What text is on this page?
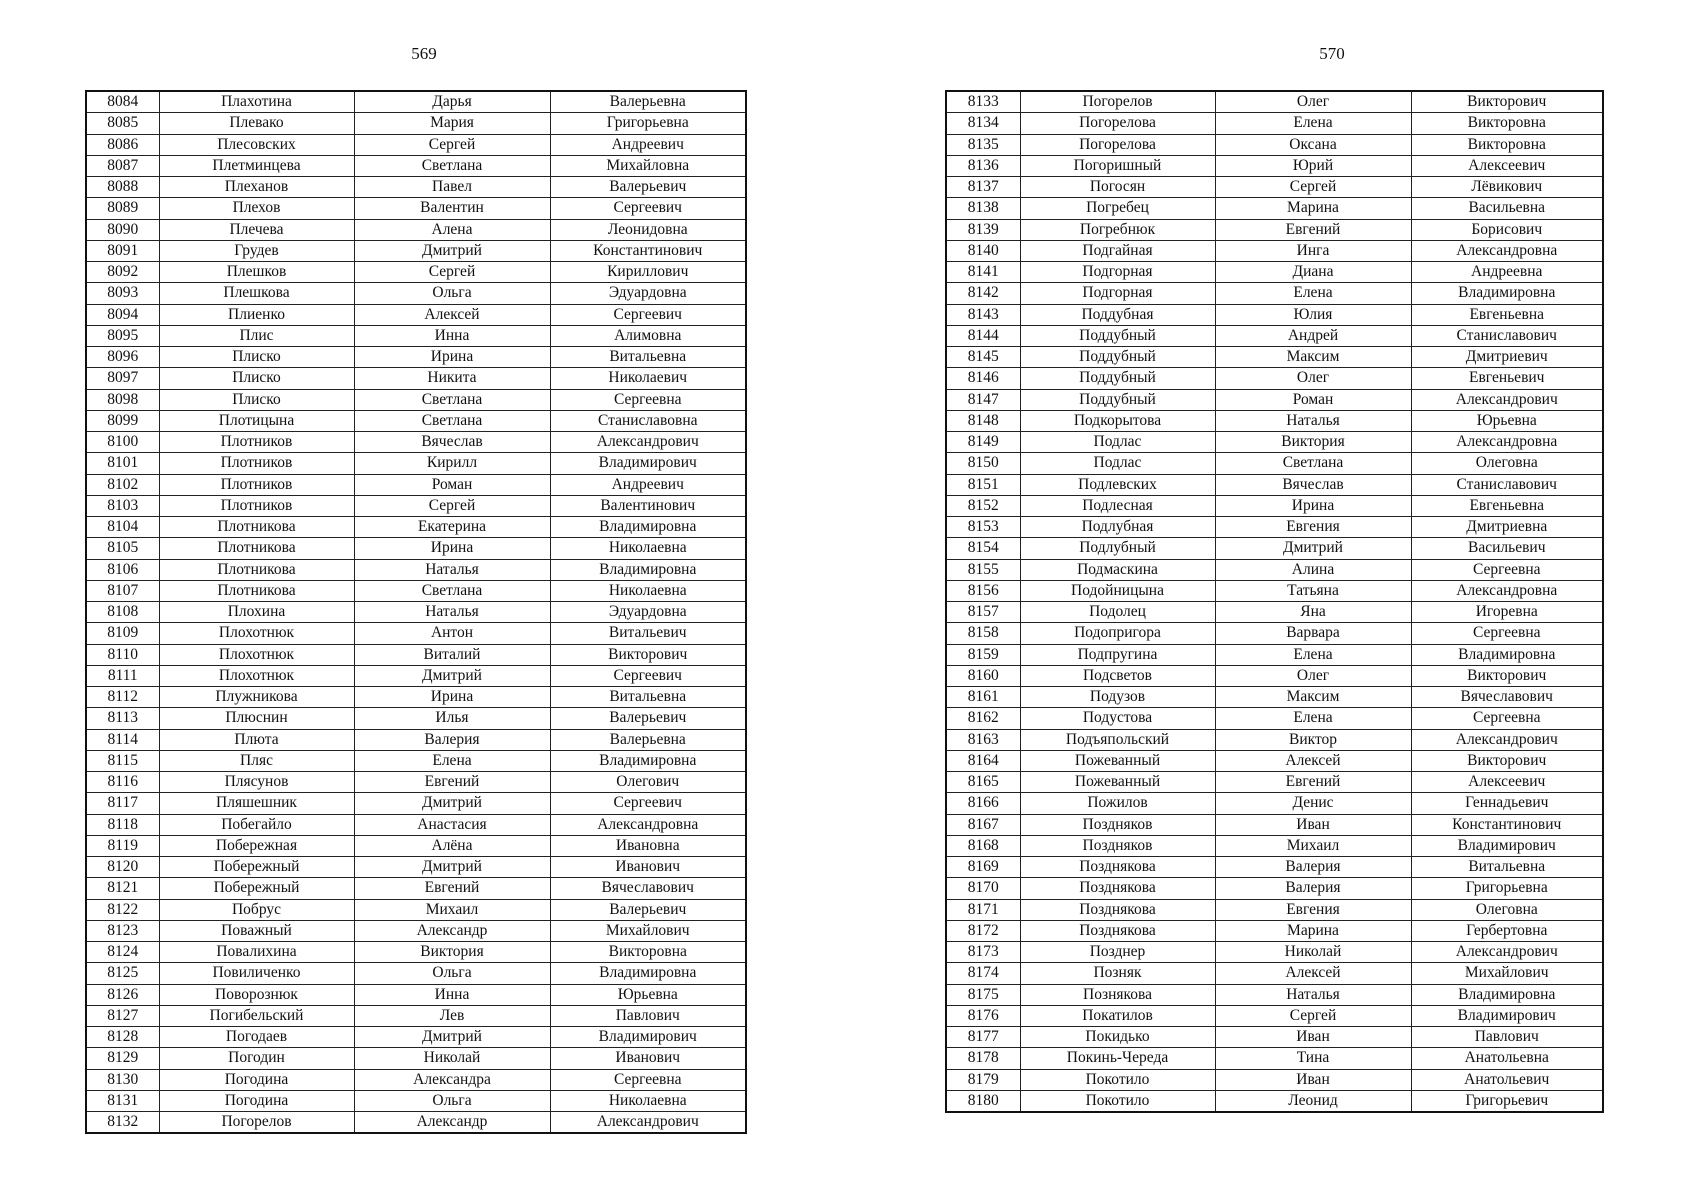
569
8084	Плахотина	Дарья	Валерьевна
8085	Плевако	Мария	Григорьевна
8086	Плесовских	Сергей	Андреевич
8087	Плетминцева	Светлана	Михайловна
8088	Плеханов	Павел	Валерьевич
8089	Плехов	Валентин	Сергеевич
8090	Плечева	Алена	Леонидовна
8091	Грудев	Дмитрий	Константинович
8092	Плешков	Сергей	Кириллович
8093	Плешкова	Ольга	Эдуардовна
8094	Плиенко	Алексей	Сергеевич
8095	Плис	Инна	Алимовна
8096	Плиско	Ирина	Витальевна
8097	Плиско	Никита	Николаевич
8098	Плиско	Светлана	Сергеевна
8099	Плотицына	Светлана	Станиславовна
8100	Плотников	Вячеслав	Александрович
8101	Плотников	Кирилл	Владимирович
8102	Плотников	Роман	Андреевич
8103	Плотников	Сергей	Валентинович
8104	Плотникова	Екатерина	Владимировна
8105	Плотникова	Ирина	Николаевна
8106	Плотникова	Наталья	Владимировна
8107	Плотникова	Светлана	Николаевна
8108	Плохина	Наталья	Эдуардовна
8109	Плохотнюк	Антон	Витальевич
8110	Плохотнюк	Виталий	Викторович
8111	Плохотнюк	Дмитрий	Сергеевич
8112	Плужникова	Ирина	Витальевна
8113	Плюснин	Илья	Валерьевич
8114	Плюта	Валерия	Валерьевна
8115	Пляс	Елена	Владимировна
8116	Плясунов	Евгений	Олегович
8117	Пляшешник	Дмитрий	Сергеевич
8118	Побегайло	Анастасия	Александровна
8119	Побережная	Алёна	Ивановна
8120	Побережный	Дмитрий	Иванович
8121	Побережный	Евгений	Вячеславович
8122	Побрус	Михаил	Валерьевич
8123	Поважный	Александр	Михайлович
8124	Повалихина	Виктория	Викторовна
8125	Повиличенко	Ольга	Владимировна
8126	Поворознюк	Инна	Юрьевна
8127	Погибельский	Лев	Павлович
8128	Погодаев	Дмитрий	Владимирович
8129	Погодин	Николай	Иванович
8130	Погодина	Александра	Сергеевна
8131	Погодина	Ольга	Николаевна
8132	Погорелов	Александр	Александрович
570
8133	Погорелов	Олег	Викторович
8134	Погорелова	Елена	Викторовна
8135	Погорелова	Оксана	Викторовна
8136	Погоришный	Юрий	Алексеевич
8137	Погосян	Сергей	Лёвикович
8138	Погребец	Марина	Васильевна
8139	Погребнюк	Евгений	Борисович
8140	Подгайная	Инга	Александровна
8141	Подгорная	Диана	Андреевна
8142	Подгорная	Елена	Владимировна
8143	Поддубная	Юлия	Евгеньевна
8144	Поддубный	Андрей	Станиславович
8145	Поддубный	Максим	Дмитриевич
8146	Поддубный	Олег	Евгеньевич
8147	Поддубный	Роман	Александрович
8148	Подкорытова	Наталья	Юрьевна
8149	Подлас	Виктория	Александровна
8150	Подлас	Светлана	Олеговна
8151	Подлевских	Вячеслав	Станиславович
8152	Подлесная	Ирина	Евгеньевна
8153	Подлубная	Евгения	Дмитриевна
8154	Подлубный	Дмитрий	Васильевич
8155	Подмаскина	Алина	Сергеевна
8156	Подойницына	Татьяна	Александровна
8157	Подолец	Яна	Игоревна
8158	Подопригора	Варвара	Сергеевна
8159	Подпругина	Елена	Владимировна
8160	Подсветов	Олег	Викторович
8161	Подузов	Максим	Вячеславович
8162	Подустова	Елена	Сергеевна
8163	Подъяпольский	Виктор	Александрович
8164	Пожеванный	Алексей	Викторович
8165	Пожеванный	Евгений	Алексеевич
8166	Пожилов	Денис	Геннадьевич
8167	Поздняков	Иван	Константинович
8168	Поздняков	Михаил	Владимирович
8169	Позднякова	Валерия	Витальевна
8170	Позднякова	Валерия	Григорьевна
8171	Позднякова	Евгения	Олеговна
8172	Позднякова	Марина	Гербертовна
8173	Позднер	Николай	Александрович
8174	Позняк	Алексей	Михайлович
8175	Познякова	Наталья	Владимировна
8176	Покатилов	Сергей	Владимирович
8177	Покидько	Иван	Павлович
8178	Покинь-Череда	Тина	Анатольевна
8179	Покотило	Иван	Анатольевич
8180	Покотило	Леонид	Григорьевич
